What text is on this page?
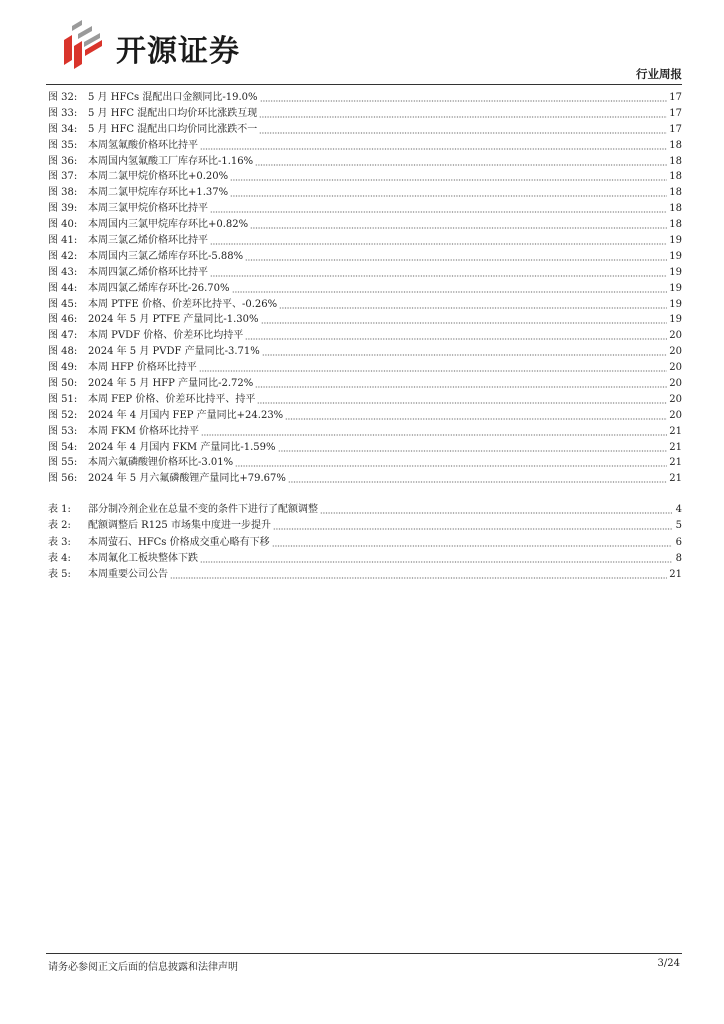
开源证券
行业周报
图 32:	5 月 HFCs 混配出口金额同比-19.0%	17
图 33:	5 月 HFC 混配出口均价环比涨跌互现	17
图 34:	5 月 HFC 混配出口均价同比涨跌不一	17
图 35:	本周氢氟酸价格环比持平	18
图 36:	本周国内氢氟酸工厂库存环比-1.16%	18
图 37:	本周二氯甲烷价格环比+0.20%	18
图 38:	本周二氯甲烷库存环比+1.37%	18
图 39:	本周三氯甲烷价格环比持平	18
图 40:	本周国内三氯甲烷库存环比+0.82%	18
图 41:	本周三氯乙烯价格环比持平	19
图 42:	本周国内三氯乙烯库存环比-5.88%	19
图 43:	本周四氯乙烯价格环比持平	19
图 44:	本周四氯乙烯库存环比-26.70%	19
图 45:	本周 PTFE 价格、价差环比持平、-0.26%	19
图 46:	2024 年 5 月 PTFE 产量同比-1.30%	19
图 47:	本周 PVDF 价格、价差环比均持平	20
图 48:	2024 年 5 月 PVDF 产量同比-3.71%	20
图 49:	本周 HFP 价格环比持平	20
图 50:	2024 年 5 月 HFP 产量同比-2.72%	20
图 51:	本周 FEP 价格、价差环比持平、持平	20
图 52:	2024 年 4 月国内 FEP 产量同比+24.23%	20
图 53:	本周 FKM 价格环比持平	21
图 54:	2024 年 4 月国内 FKM 产量同比-1.59%	21
图 55:	本周六氟磷酸锂价格环比-3.01%	21
图 56:	2024 年 5 月六氟磷酸锂产量同比+79.67%	21
表 1:	部分制冷剂企业在总量不变的条件下进行了配额调整	4
表 2:	配额调整后 R125 市场集中度进一步提升	5
表 3:	本周萤石、HFCs 价格成交重心略有下移	6
表 4:	本周氟化工板块整体下跌	8
表 5:	本周重要公司公告	21
请务必参阅正文后面的信息披露和法律声明	3/24
